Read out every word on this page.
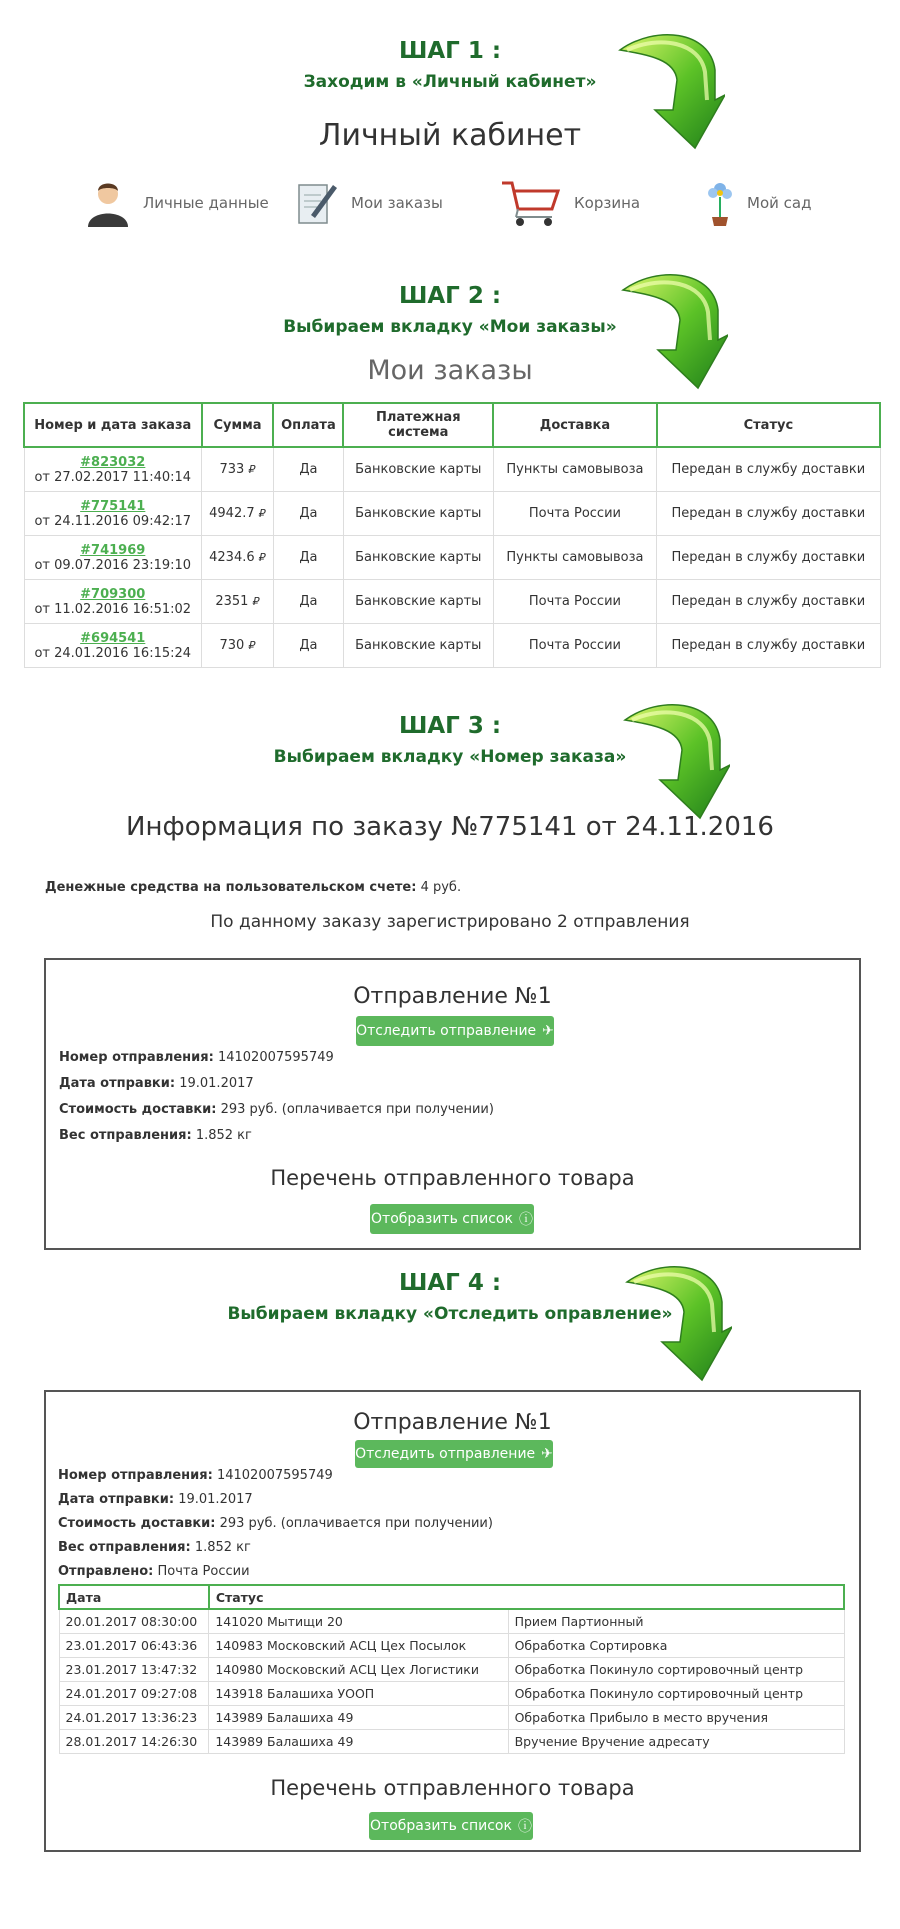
ШАГ 1 :
Заходим в «Личный кабинет»
Личный кабинет
Личные данные	Мои заказы	Корзина	Мой сад
ШАГ 2 :
Выбираем вкладку «Мои заказы»
Мои заказы
Номер и дата заказа	Сумма	Оплата	Платежная система	Доставка	Статус

#823032
от 27.02.2017 11:40:14	733 ₽	Да	Банковские карты	Пункты самовывоза	Передан в службу доставки

#775141
от 24.11.2016 09:42:17	4942.7 ₽	Да	Банковские карты	Почта России	Передан в службу доставки

#741969
от 09.07.2016 23:19:10	4234.6 ₽	Да	Банковские карты	Пункты самовывоза	Передан в службу доставки

#709300
от 11.02.2016 16:51:02	2351 ₽	Да	Банковские карты	Почта России	Передан в службу доставки

#694541
от 24.01.2016 16:15:24	730 ₽	Да	Банковские карты	Почта России	Передан в службу доставки
ШАГ 3 :
Выбираем вкладку «Номер заказа»
Информация по заказу №775141 от 24.11.2016
Денежные средства на пользовательском счете: 4 руб.
По данному заказу зарегистрировано 2 отправления
Отправление №1
Отследить отправление ✈
Номер отправления: 14102007595749
Дата отправки: 19.01.2017
Стоимость доставки: 293 руб. (оплачивается при получении)
Вес отправления: 1.852 кг
Перечень отправленного товара
Отобразить список ⓘ
ШАГ 4 :
Выбираем вкладку «Отследить оправление»
Отправление №1
Отследить отправление ✈
Номер отправления: 14102007595749
Дата отправки: 19.01.2017
Стоимость доставки: 293 руб. (оплачивается при получении)
Вес отправления: 1.852 кг
Отправлено: Почта России
Дата	Статус	
20.01.2017 08:30:00	141020 Мытищи 20	Прием Партионный
23.01.2017 06:43:36	140983 Московский АСЦ Цех Посылок	Обработка Сортировка
23.01.2017 13:47:32	140980 Московский АСЦ Цех Логистики	Обработка Покинуло сортировочный центр
24.01.2017 09:27:08	143918 Балашиха УООП	Обработка Покинуло сортировочный центр
24.01.2017 13:36:23	143989 Балашиха 49	Обработка Прибыло в место вручения
28.01.2017 14:26:30	143989 Балашиха 49	Вручение Вручение адресату
Перечень отправленного товара
Отобразить список ⓘ
